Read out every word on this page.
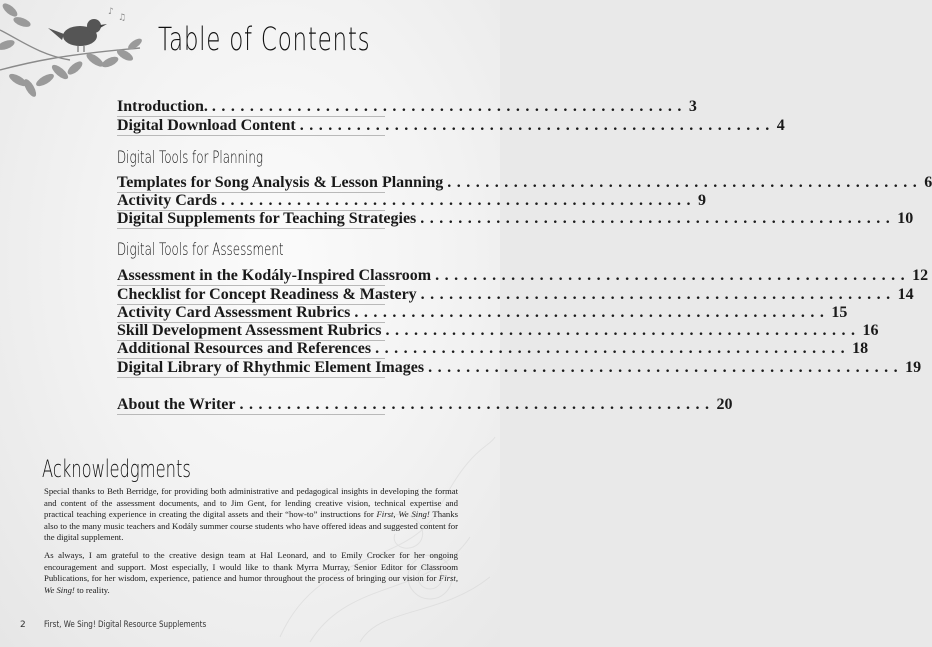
♪
♫
Table of Contents
Introduction . .................................................. 3
Digital Download Content .................................................. 4
Digital Tools for Planning
Templates for Song Analysis & Lesson Planning .................................................. 6
Activity Cards .................................................. 9
Digital Supplements for Teaching Strategies .................................................. 10
Digital Tools for Assessment
Assessment in the Kodály-Inspired Classroom .................................................. 12
Checklist for Concept Readiness & Mastery .................................................. 14
Activity Card Assessment Rubrics .................................................. 15
Skill Development Assessment Rubrics .................................................. 16
Additional Resources and References .................................................. 18
Digital Library of Rhythmic Element Images .................................................. 19
About the Writer .................................................. 20
Acknowledgments

Special thanks to Beth Berridge, for providing both administrative and pedagogical insights in developing the format and content of the assessment documents, and to Jim Gent, for lending creative vision, technical expertise and practical teaching experience in creating the digital assets and their “how-to” instructions for First, We Sing! Thanks also to the many music teachers and Kodály summer course students who have offered ideas and suggested content for the digital supplement.

As always, I am grateful to the creative design team at Hal Leonard, and to Emily Crocker for her ongoing encouragement and support. Most especially, I would like to thank Myrra Murray, Senior Editor for Classroom Publications, for her wisdom, experience, patience and humor throughout the process of bringing our vision for First, We Sing! to reality.

2 First, We Sing! Digital Resource Supplements
